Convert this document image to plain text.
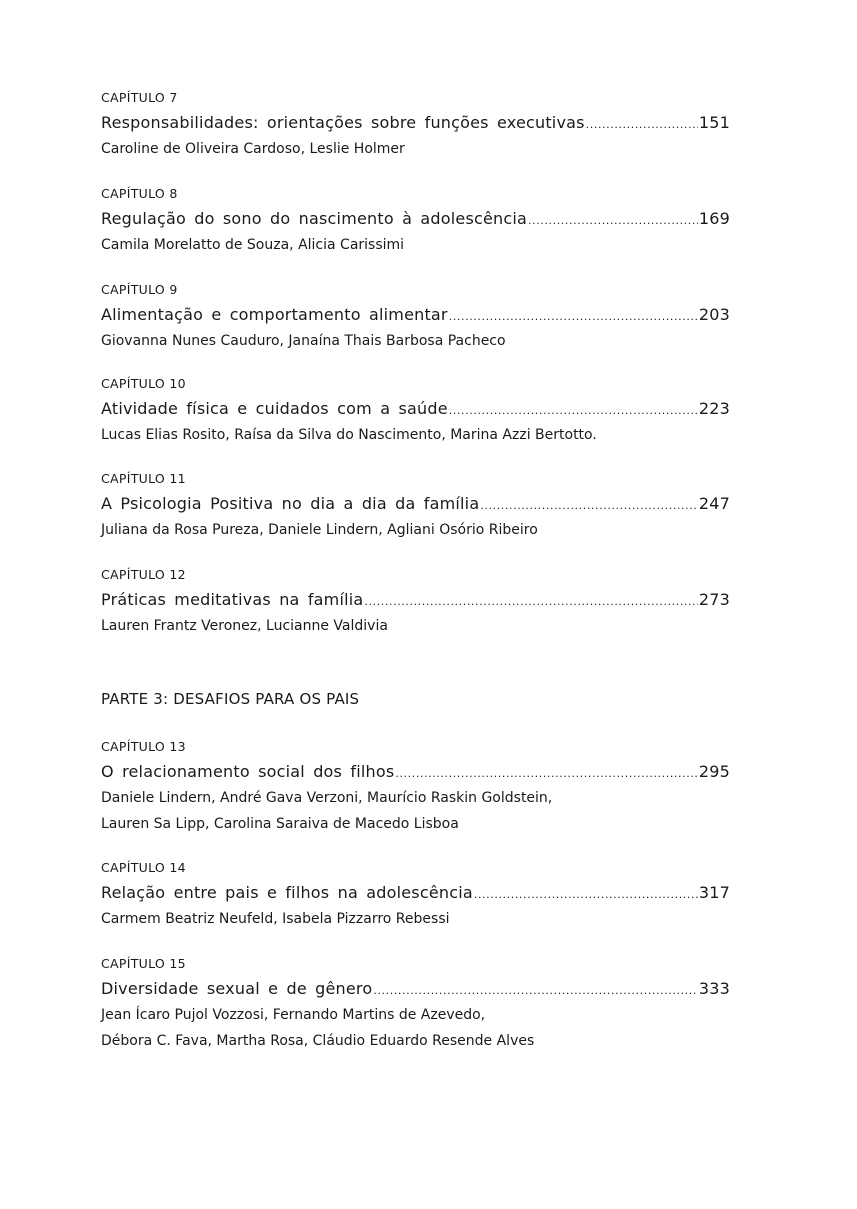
CAPÍTULO 7
Responsabilidades: orientações sobre funções executivas .....	151
Caroline de Oliveira Cardoso, Leslie Holmer
CAPÍTULO 8
Regulação do sono do nascimento à adolescência .....	169
Camila Morelatto de Souza, Alicia Carissimi
CAPÍTULO 9
Alimentação e comportamento alimentar .....	203
Giovanna Nunes Cauduro, Janaína Thais Barbosa Pacheco
CAPÍTULO 10
Atividade física e cuidados com a saúde .....	223
Lucas Elias Rosito, Raísa da Silva do Nascimento, Marina Azzi Bertotto.
CAPÍTULO 11
A Psicologia Positiva no dia a dia da família .....	247
Juliana da Rosa Pureza, Daniele Lindern, Agliani Osório Ribeiro
CAPÍTULO 12
Práticas meditativas na família .....	273
Lauren Frantz Veronez, Lucianne Valdivia
PARTE 3: DESAFIOS PARA OS PAIS
CAPÍTULO 13
O relacionamento social dos filhos .....	295
Daniele Lindern, André Gava Verzoni, Maurício Raskin Goldstein,
Lauren Sa Lipp, Carolina Saraiva de Macedo Lisboa
CAPÍTULO 14
Relação entre pais e filhos na adolescência .....	317
Carmem Beatriz Neufeld, Isabela Pizzarro Rebessi
CAPÍTULO 15
Diversidade sexual e de gênero .....	333
Jean Ícaro Pujol Vozzosi, Fernando Martins de Azevedo,
Débora C. Fava, Martha Rosa, Cláudio Eduardo Resende Alves
